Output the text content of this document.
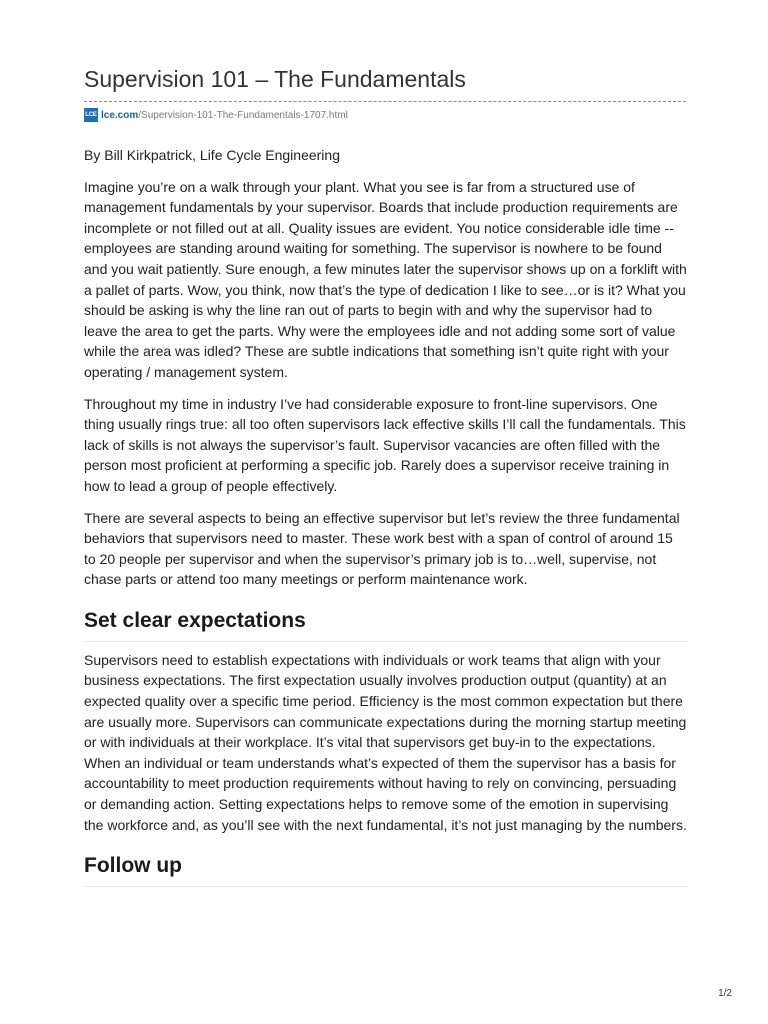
Supervision 101 – The Fundamentals
LCE lce.com /Supervision-101-The-Fundamentals-1707.html

By Bill Kirkpatrick, Life Cycle Engineering

Imagine you’re on a walk through your plant. What you see is far from a structured use of management fundamentals by your supervisor. Boards that include production requirements are incomplete or not filled out at all. Quality issues are evident. You notice considerable idle time -- employees are standing around waiting for something. The supervisor is nowhere to be found and you wait patiently. Sure enough, a few minutes later the supervisor shows up on a forklift with a pallet of parts. Wow, you think, now that’s the type of dedication I like to see…or is it? What you should be asking is why the line ran out of parts to begin with and why the supervisor had to leave the area to get the parts. Why were the employees idle and not adding some sort of value while the area was idled? These are subtle indications that something isn’t quite right with your operating / management system.

Throughout my time in industry I’ve had considerable exposure to front-line supervisors. One thing usually rings true: all too often supervisors lack effective skills I’ll call the fundamentals. This lack of skills is not always the supervisor’s fault. Supervisor vacancies are often filled with the person most proficient at performing a specific job. Rarely does a supervisor receive training in how to lead a group of people effectively.

There are several aspects to being an effective supervisor but let’s review the three fundamental behaviors that supervisors need to master. These work best with a span of control of around 15 to 20 people per supervisor and when the supervisor’s primary job is to…well, supervise, not chase parts or attend too many meetings or perform maintenance work.

Set clear expectations

Supervisors need to establish expectations with individuals or work teams that align with your business expectations. The first expectation usually involves production output (quantity) at an expected quality over a specific time period. Efficiency is the most common expectation but there are usually more. Supervisors can communicate expectations during the morning startup meeting or with individuals at their workplace. It’s vital that supervisors get buy-in to the expectations. When an individual or team understands what’s expected of them the supervisor has a basis for accountability to meet production requirements without having to rely on convincing, persuading or demanding action. Setting expectations helps to remove some of the emotion in supervising the workforce and, as you’ll see with the next fundamental, it’s not just managing by the numbers.

Follow up
1/2
